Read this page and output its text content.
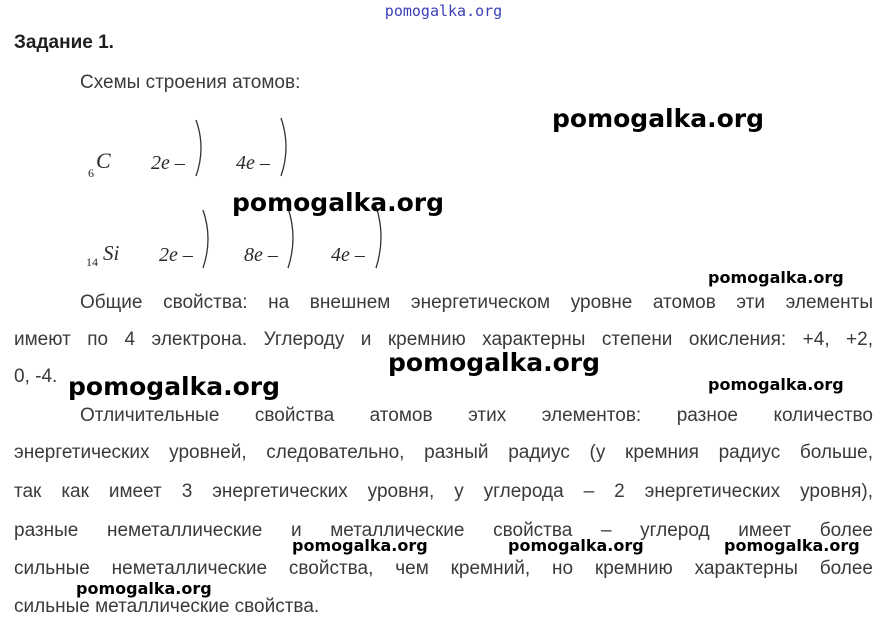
pomogalka.org
Задание 1.
Схемы строения атомов:
6 C 2e –	4e –
14 Si 2e –	8e –	4e –
Общие свойства: на внешнем энергетическом уровне атомов эти элементы
имеют по 4 электрона. Углероду и кремнию характерны степени окисления: +4, +2,
0, -4.
Отличительные свойства атомов этих элементов: разное количество
энергетических уровней, следовательно, разный радиус (у кремния радиус больше,
так как имеет 3 энергетических уровня, у углерода – 2 энергетических уровня),
разные неметаллические и металлические свойства – углерод имеет более
сильные неметаллические свойства, чем кремний, но кремнию характерны более
сильные металлические свойства.
pomogalka.org
pomogalka.org
pomogalka.org
pomogalka.org
pomogalka.org	pomogalka.org
pomogalka.org	pomogalka.org	pomogalka.org
pomogalka.org
